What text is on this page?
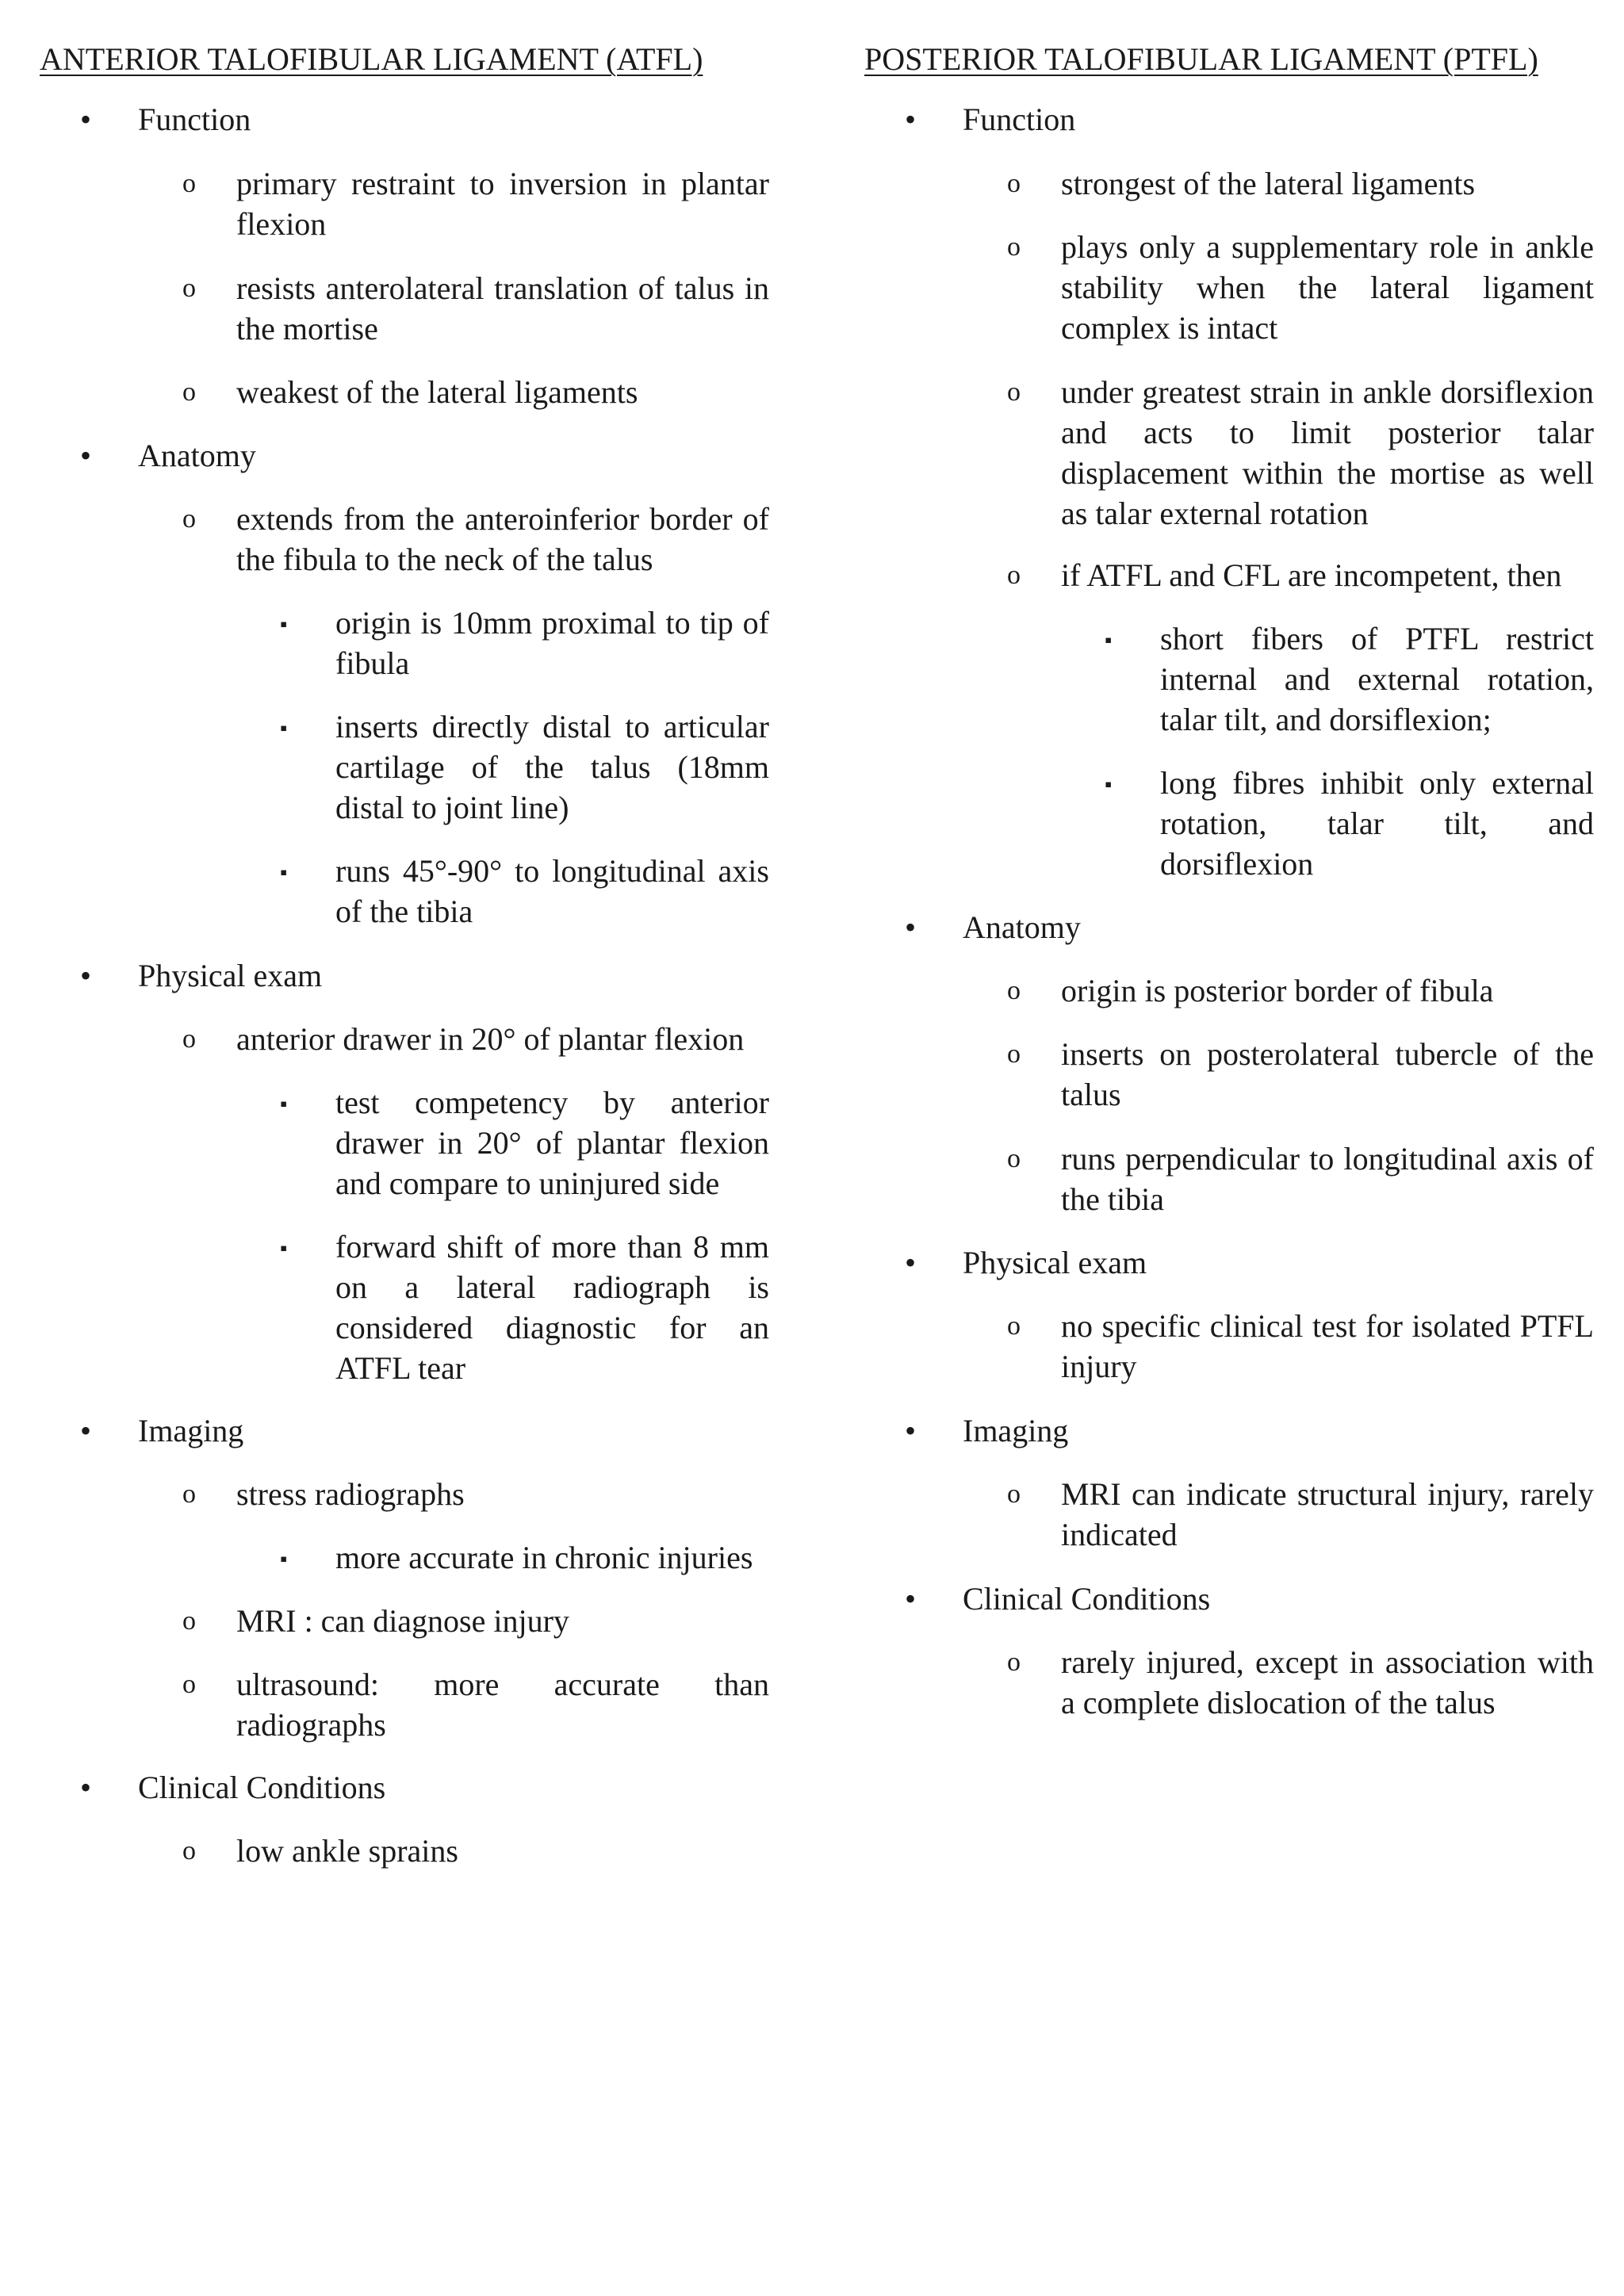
ANTERIOR TALOFIBULAR LIGAMENT (ATFL)
• Function
o primary restraint to inversion in plantar flexion
o resists anterolateral translation of talus in the mortise
o weakest of the lateral ligaments
• Anatomy
o extends from the anteroinferior border of the fibula to the neck of the talus
▪ origin is 10mm proximal to tip of fibula
▪ inserts directly distal to articular cartilage of the talus (18mm distal to joint line)
▪ runs 45°-90° to longitudinal axis of the tibia
• Physical exam
o anterior drawer in 20° of plantar flexion
▪ test competency by anterior drawer in 20° of plantar flexion and compare to uninjured side
▪ forward shift of more than 8 mm on a lateral radiograph is considered diagnostic for an ATFL tear
• Imaging
o stress radiographs
▪ more accurate in chronic injuries
o MRI : can diagnose injury
o ultrasound: more accurate than radiographs
• Clinical Conditions
o low ankle sprains
POSTERIOR TALOFIBULAR LIGAMENT (PTFL)
• Function
o strongest of the lateral ligaments
o plays only a supplementary role in ankle stability when the lateral ligament complex is intact
o under greatest strain in ankle dorsiflexion and acts to limit posterior talar displacement within the mortise as well as talar external rotation
o if ATFL and CFL are incompetent, then
▪ short fibers of PTFL restrict internal and external rotation, talar tilt, and dorsiflexion;
▪ long fibres inhibit only external rotation, talar tilt, and dorsiflexion
• Anatomy
o origin is posterior border of fibula
o inserts on posterolateral tubercle of the talus
o runs perpendicular to longitudinal axis of the tibia
• Physical exam
o no specific clinical test for isolated PTFL injury
• Imaging
o MRI can indicate structural injury, rarely indicated
• Clinical Conditions
o rarely injured, except in association with a complete dislocation of the talus
